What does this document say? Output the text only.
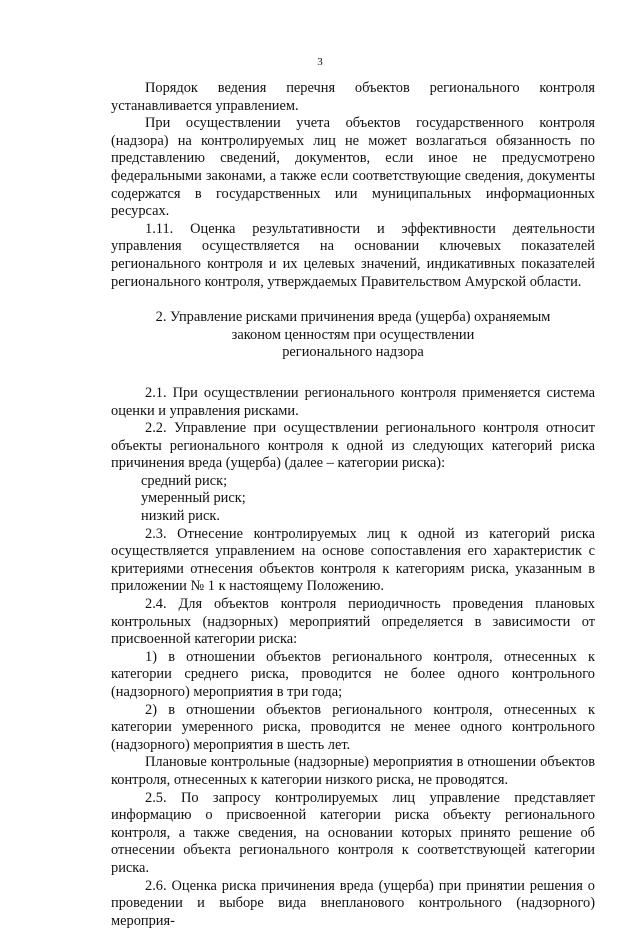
3

Порядок ведения перечня объектов регионального контроля устанавливается управлением.

При осуществлении учета объектов государственного контроля (надзора) на контролируемых лиц не может возлагаться обязанность по представлению сведений, документов, если иное не предусмотрено федеральными законами, а также если соответствующие сведения, документы содержатся в государственных или муниципальных информационных ресурсах.

1.11. Оценка результативности и эффективности деятельности управления осуществляется на основании ключевых показателей регионального контроля и их целевых значений, индикативных показателей регионального контроля, утверждаемых Правительством Амурской области.

2. Управление рисками причинения вреда (ущерба) охраняемым
законом ценностям при осуществлении
регионального надзора

2.1. При осуществлении регионального контроля применяется система оценки и управления рисками.

2.2. Управление при осуществлении регионального контроля относит объекты регионального контроля к одной из следующих категорий риска причинения вреда (ущерба) (далее – категории риска):

средний риск;

умеренный риск;

низкий риск.

2.3. Отнесение контролируемых лиц к одной из категорий риска осуществляется управлением на основе сопоставления его характеристик с критериями отнесения объектов контроля к категориям риска, указанным в приложении № 1 к настоящему Положению.

2.4. Для объектов контроля периодичность проведения плановых контрольных (надзорных) мероприятий определяется в зависимости от присвоенной категории риска:

1) в отношении объектов регионального контроля, отнесенных к категории среднего риска, проводится не более одного контрольного (надзорного) мероприятия в три года;

2) в отношении объектов регионального контроля, отнесенных к категории умеренного риска, проводится не менее одного контрольного (надзорного) мероприятия в шесть лет.

Плановые контрольные (надзорные) мероприятия в отношении объектов контроля, отнесенных к категории низкого риска, не проводятся.

2.5. По запросу контролируемых лиц управление представляет информацию о присвоенной категории риска объекту регионального контроля, а также сведения, на основании которых принято решение об отнесении объекта регионального контроля к соответствующей категории риска.

2.6. Оценка риска причинения вреда (ущерба) при принятии решения о проведении и выборе вида внепланового контрольного (надзорного) мероприя-
